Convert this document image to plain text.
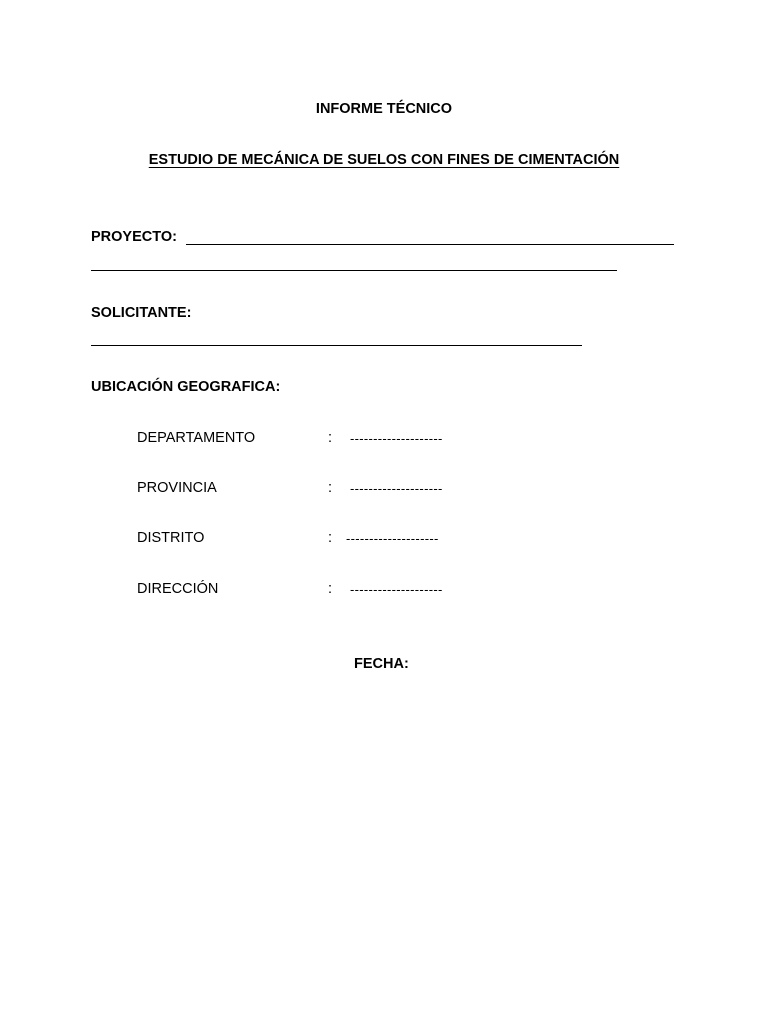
INFORME TÉCNICO
ESTUDIO DE MECÁNICA DE SUELOS CON FINES DE CIMENTACIÓN
PROYECTO:
SOLICITANTE:
UBICACIÓN GEOGRAFICA:
DEPARTAMENTO	: --------------------
PROVINCIA	: --------------------
DISTRITO	: --------------------
DIRECCIÓN	: --------------------
FECHA:
